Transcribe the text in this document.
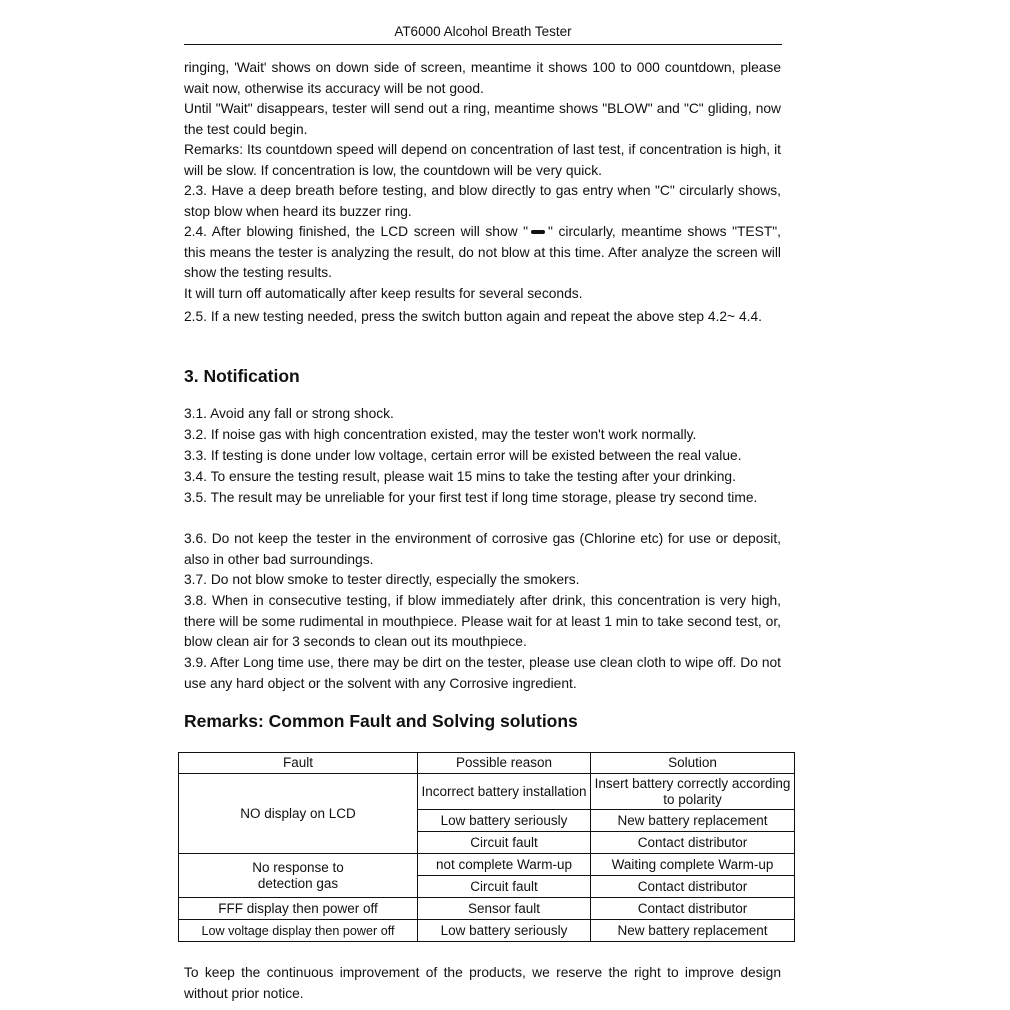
AT6000 Alcohol Breath Tester

ringing, 'Wait' shows on down side of screen, meantime it shows 100 to 000 countdown, please wait now, otherwise its accuracy will be not good.

Until "Wait" disappears, tester will send out a ring, meantime shows "BLOW" and "C" gliding, now the test could begin.

Remarks: Its countdown speed will depend on concentration of last test, if concentration is high, it will be slow. If concentration is low, the countdown will be very quick.

2.3. Have a deep breath before testing, and blow directly to gas entry when "C" circularly shows, stop blow when heard its buzzer ring.

2.4. After blowing finished, the LCD screen will show " " circularly, meantime shows "TEST", this means the tester is analyzing the result, do not blow at this time. After analyze the screen will show the testing results.

It will turn off automatically after keep results for several seconds.

2.5. If a new testing needed, press the switch button again and repeat the above step 4.2~ 4.4.

3. Notification

3.1. Avoid any fall or strong shock.

3.2. If noise gas with high concentration existed, may the tester won't work normally.

3.3. If testing is done under low voltage, certain error will be existed between the real value.

3.4. To ensure the testing result, please wait 15 mins to take the testing after your drinking.

3.5. The result may be unreliable for your first test if long time storage, please try second time.

3.6. Do not keep the tester in the environment of corrosive gas (Chlorine etc) for use or deposit, also in other bad surroundings.

3.7. Do not blow smoke to tester directly, especially the smokers.

3.8. When in consecutive testing, if blow immediately after drink, this concentration is very high, there will be some rudimental in mouthpiece. Please wait for at least 1 min to take second test, or, blow clean air for 3 seconds to clean out its mouthpiece.

3.9. After Long time use, there may be dirt on the tester, please use clean cloth to wipe off. Do not use any hard object or the solvent with any Corrosive ingredient.

Remarks: Common Fault and Solving solutions
Fault	Possible reason	Solution
NO display on LCD	Incorrect battery installation	Insert battery correctly according to polarity
	Low battery seriously	New battery replacement
	Circuit fault	Contact distributor
No response to detection gas	not complete Warm-up	Waiting complete Warm-up
	Circuit fault	Contact distributor
FFF display then power off	Sensor fault	Contact distributor
Low voltage display then power off	Low battery seriously	New battery replacement

To keep the continuous improvement of the products, we reserve the right to improve design without prior notice.
